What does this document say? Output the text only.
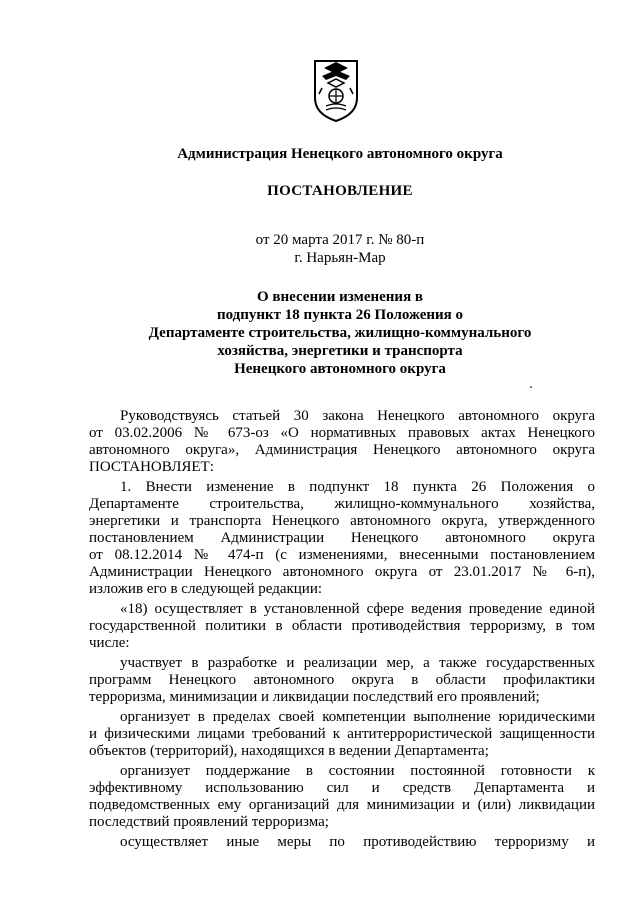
Администрация Ненецкого автономного округа
ПОСТАНОВЛЕНИЕ
от 20 марта 2017 г. № 80-п
г. Нарьян-Мар
О внесении изменения в
подпункт 18 пункта 26 Положения о
Департаменте строительства, жилищно-коммунального
хозяйства, энергетики и транспорта
Ненецкого автономного округа

Руководствуясь статьей 30 закона Ненецкого автономного округа
от 03.02.2006 № 673-оз «О нормативных правовых актах Ненецкого
автономного округа», Администрация Ненецкого автономного округа
ПОСТАНОВЛЯЕТ:

1. Внести изменение в подпункт 18 пункта 26 Положения о
Департаменте строительства, жилищно-коммунального хозяйства,
энергетики и транспорта Ненецкого автономного округа, утвержденного
постановлением Администрации Ненецкого автономного округа
от 08.12.2014 № 474-п (с изменениями, внесенными постановлением
Администрации Ненецкого автономного округа от 23.01.2017 № 6-п),
изложив его в следующей редакции:

«18) осуществляет в установленной сфере ведения проведение единой
государственной политики в области противодействия терроризму, в том
числе:

участвует в разработке и реализации мер, а также государственных
программ Ненецкого автономного округа в области профилактики
терроризма, минимизации и ликвидации последствий его проявлений;

организует в пределах своей компетенции выполнение юридическими
и физическими лицами требований к антитеррористической защищенности
объектов (территорий), находящихся в ведении Департамента;

организует поддержание в состоянии постоянной готовности к
эффективному использованию сил и средств Департамента и
подведомственных ему организаций для минимизации и (или) ликвидации
последствий проявлений терроризма;

осуществляет иные меры по противодействию терроризму и
